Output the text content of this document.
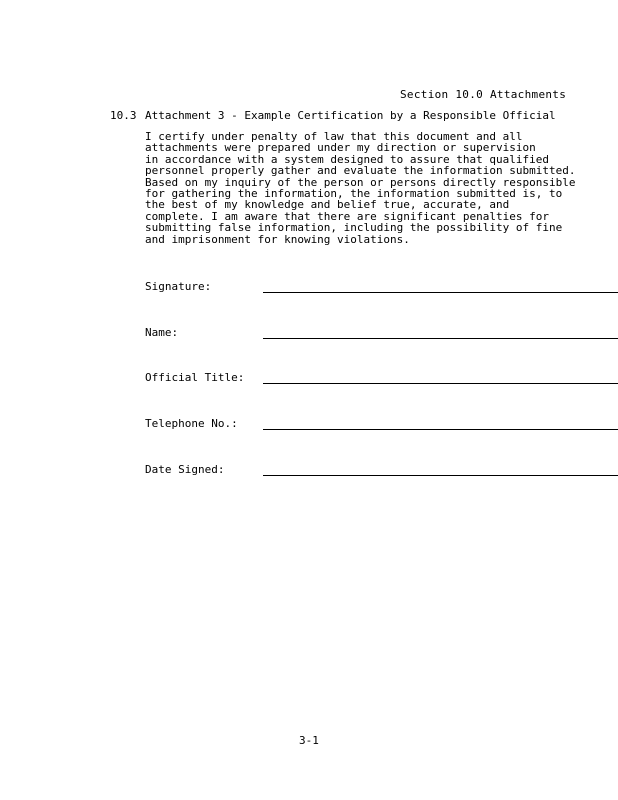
Section 10.0 Attachments
10.3 Attachment 3 - Example Certification by a Responsible Official
I certify under penalty of law that this document and all
attachments were prepared under my direction or supervision
in accordance with a system designed to assure that qualified
personnel properly gather and evaluate the information submitted.
Based on my inquiry of the person or persons directly responsible
for gathering the information, the information submitted is, to
the best of my knowledge and belief true, accurate, and
complete. I am aware that there are significant penalties for
submitting false information, including the possibility of fine
and imprisonment for knowing violations.
Signature:
Name:
Official Title:
Telephone No.:
Date Signed:
3-1
